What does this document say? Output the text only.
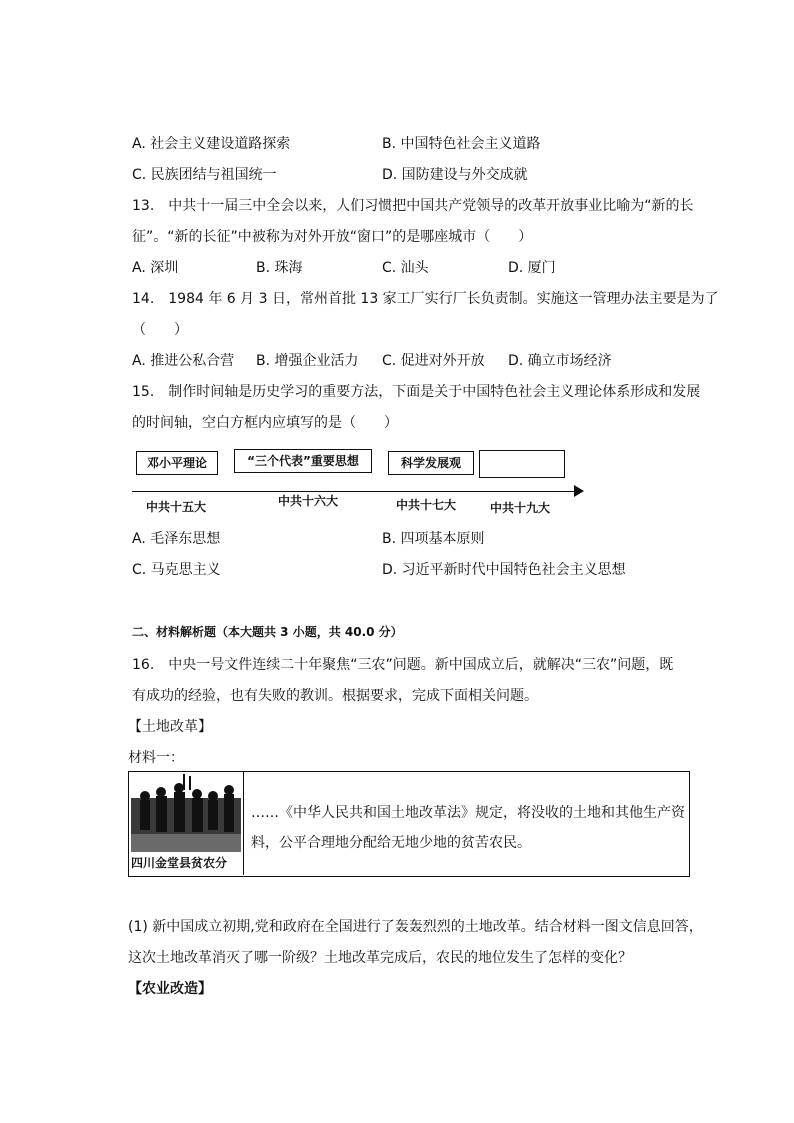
A. 社会主义建设道路探索	B. 中国特色社会主义道路
C. 民族团结与祖国统一	D. 国防建设与外交成就
13.　中共十一届三中全会以来，人们习惯把中国共产党领导的改革开放事业比喻为“新的长
征”。“新的长征”中被称为对外开放“窗口”的是哪座城市（　　）
A. 深圳	B. 珠海	C. 汕头	D. 厦门
14.　1984 年 6 月 3 日，常州首批 13 家工厂实行厂长负责制。实施这一管理办法主要是为了
（　　）
A. 推进公私合营 B. 增强企业活力 C. 促进对外开放 D. 确立市场经济
15.　制作时间轴是历史学习的重要方法，下面是关于中国特色社会主义理论体系形成和发展
的时间轴，空白方框内应填写的是（　　）
邓小平理论	“三个代表”重要思想	科学发展观
中共十五大	中共十六大	中共十七大	中共十九大
A. 毛泽东思想	B. 四项基本原则
C. 马克思主义	D. 习近平新时代中国特色社会主义思想
二、材料解析题（本大题共 3 小题，共 40.0 分）
16.　中央一号文件连续二十年聚焦“三农”问题。新中国成立后，就解决“三农”问题，既
有成功的经验，也有失败的教训。根据要求，完成下面相关问题。
【土地改革】
材料一：
四川金堂县贫农分
……《中华人民共和国土地改革法》规定，将没收的土地和其他生产资料，公平合理地分配给无地少地的贫苦农民。
(1) 新中国成立初期,党和政府在全国进行了轰轰烈烈的土地改革。结合材料一图文信息回答，
这次土地改革消灭了哪一阶级？土地改革完成后，农民的地位发生了怎样的变化？
【农业改造】
